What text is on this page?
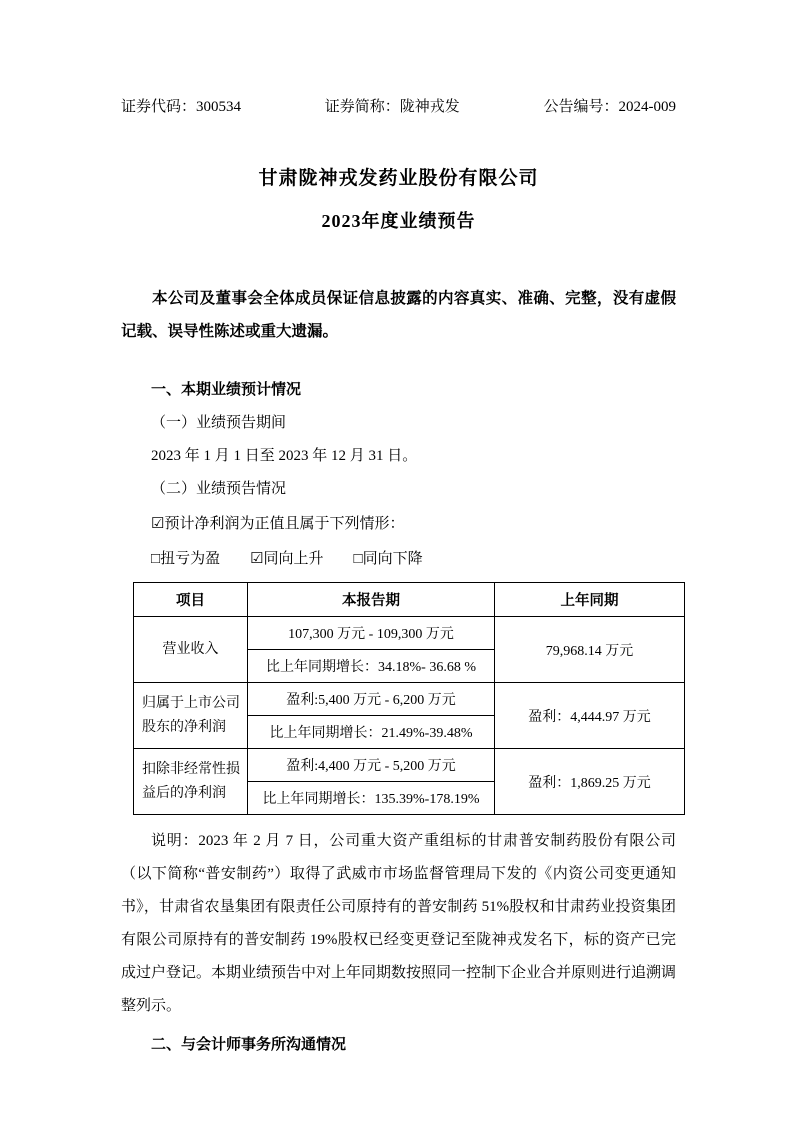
证券代码：300534	证券简称：陇神戎发	公告编号：2024-009
甘肃陇神戎发药业股份有限公司
2023年度业绩预告

本公司及董事会全体成员保证信息披露的内容真实、准确、完整，没有虚假记载、误导性陈述或重大遗漏。

一、本期业绩预计情况

（一）业绩预告期间

2023 年 1 月 1 日至 2023 年 12 月 31 日。

（二）业绩预告情况

☑预计净利润为正值且属于下列情形：

□扭亏为盈 ☑同向上升 □同向下降

项目	本报告期	上年同期
营业收入	107,300 万元 - 109,300 万元	79,968.14 万元
	比上年同期增长：34.18%- 36.68 %	
归属于上市公司股东的净利润	盈利:5,400 万元 - 6,200 万元	盈利：4,444.97 万元
	比上年同期增长：21.49%-39.48%	
扣除非经常性损益后的净利润	盈利:4,400 万元 - 5,200 万元	盈利：1,869.25 万元
	比上年同期增长：135.39%-178.19%	

说明：2023 年 2 月 7 日，公司重大资产重组标的甘肃普安制药股份有限公司（以下简称“普安制药”）取得了武威市市场监督管理局下发的《内资公司变更通知书》，甘肃省农垦集团有限责任公司原持有的普安制药 51%股权和甘肃药业投资集团有限公司原持有的普安制药 19%股权已经变更登记至陇神戎发名下，标的资产已完成过户登记。本期业绩预告中对上年同期数按照同一控制下企业合并原则进行追溯调整列示。

二、与会计师事务所沟通情况
